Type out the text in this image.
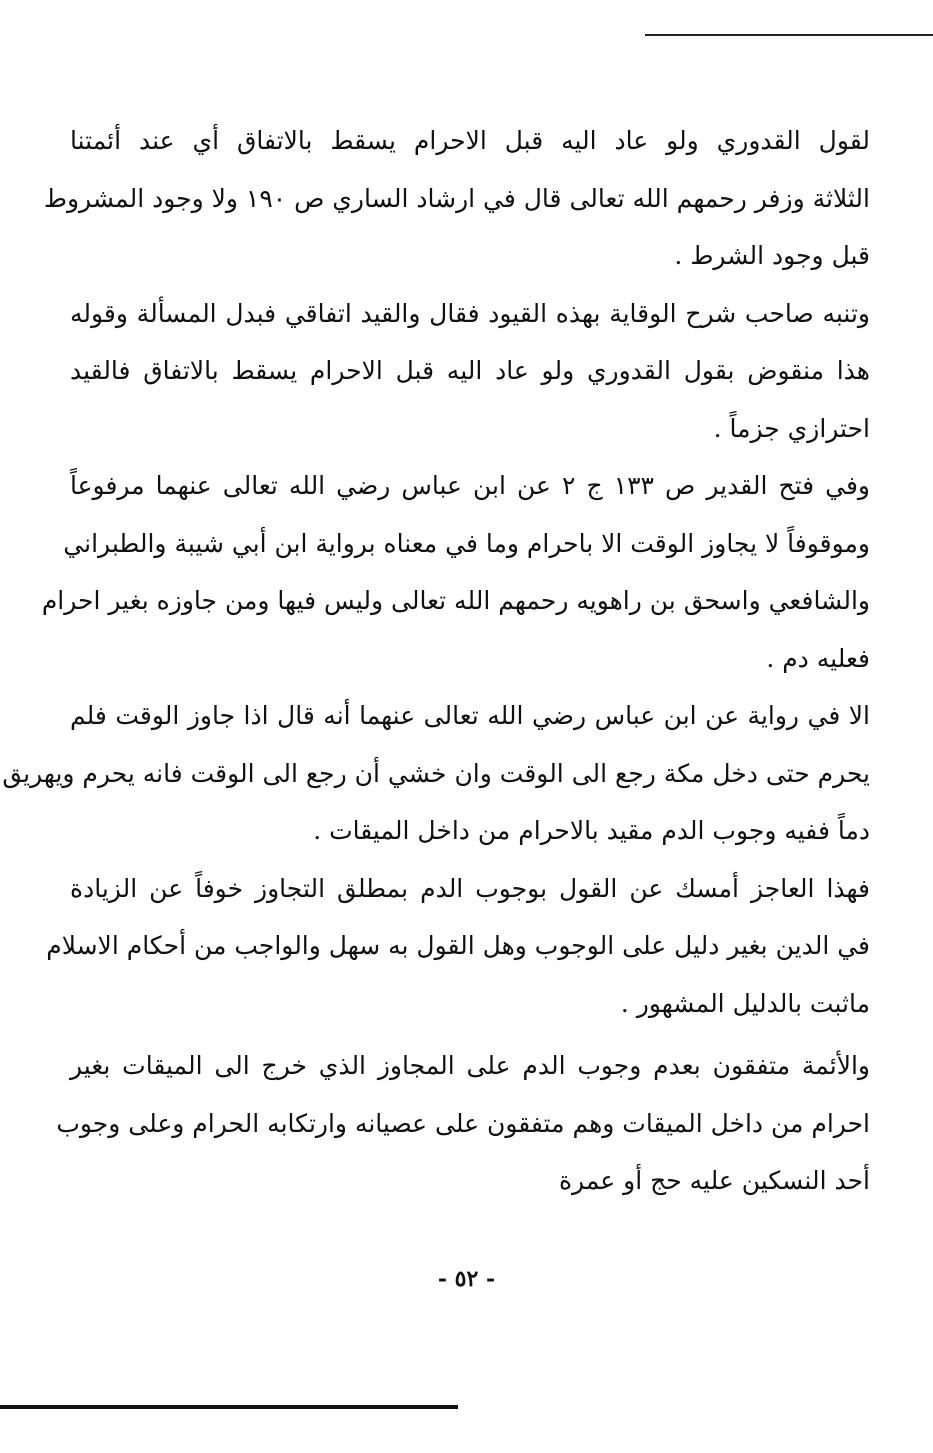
لقول القدوري ولو عاد اليه قبل الاحرام يسقط بالاتفاق أي عند أئمتنا
الثلاثة وزفر رحمهم الله تعالى قال في ارشاد الساري ص ١٩٠ ولا وجود المشروط
قبل وجود الشرط .
وتنبه صاحب شرح الوقاية بهذه القيود فقال والقيد اتفاقي فبدل المسألة وقوله
هذا منقوض بقول القدوري ولو عاد اليه قبل الاحرام يسقط بالاتفاق فالقيد
احترازي جزماً .
وفي فتح القدير ص ١٣٣ ج ٢ عن ابن عباس رضي الله تعالى عنهما مرفوعاً
وموقوفاً لا يجاوز الوقت الا باحرام وما في معناه برواية ابن أبي شيبة والطبراني
والشافعي واسحق بن راهويه رحمهم الله تعالى وليس فيها ومن جاوزه بغير احرام
فعليه دم .
الا في رواية عن ابن عباس رضي الله تعالى عنهما أنه قال اذا جاوز الوقت فلم
يحرم حتى دخل مكة رجع الى الوقت وان خشي أن رجع الى الوقت فانه يحرم ويهريق
دماً ففيه وجوب الدم مقيد بالاحرام من داخل الميقات .
فهذا العاجز أمسك عن القول بوجوب الدم بمطلق التجاوز خوفاً عن الزيادة
في الدين بغير دليل على الوجوب وهل القول به سهل والواجب من أحكام الاسلام
ماثبت بالدليل المشهور .
والأئمة متفقون بعدم وجوب الدم على المجاوز الذي خرج الى الميقات بغير
احرام من داخل الميقات وهم متفقون على عصيانه وارتكابه الحرام وعلى وجوب
أحد النسكين عليه حج أو عمرة
- ٥٢ -
